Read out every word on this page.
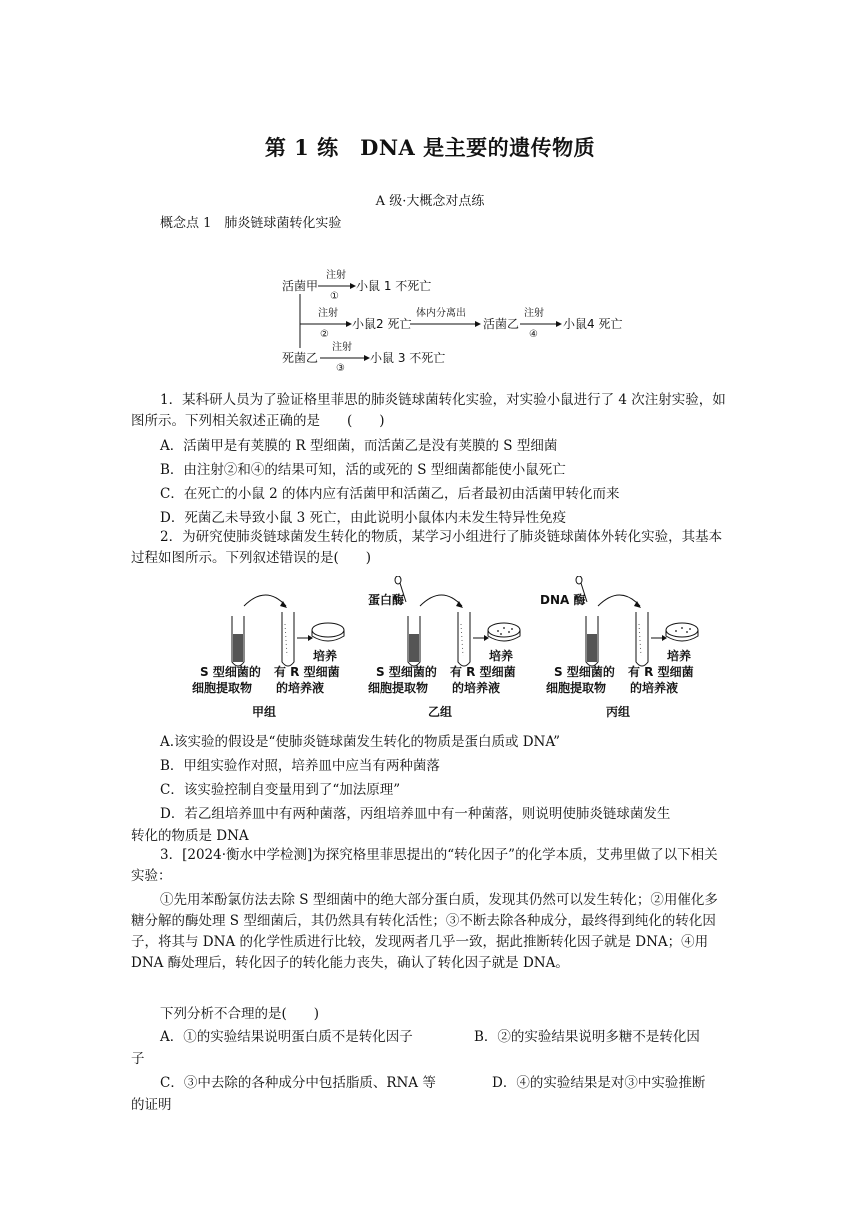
第 1 练　DNA 是主要的遗传物质
A 级·大概念对点练
概念点 1　肺炎链球菌转化实验
活菌甲
注射
①
小鼠 1 不死亡
注射
②
小鼠2 死亡
体内分离出
活菌乙
注射
④
小鼠4 死亡
死菌乙
注射
③
小鼠 3 不死亡
1．某科研人员为了验证格里菲思的肺炎链球菌转化实验，对实验小鼠进行了 4 次注射实验，如图所示。下列相关叙述正确的是　　(　　)
A．活菌甲是有荚膜的 R 型细菌，而活菌乙是没有荚膜的 S 型细菌
B．由注射②和④的结果可知，活的或死的 S 型细菌都能使小鼠死亡
C．在死亡的小鼠 2 的体内应有活菌甲和活菌乙，后者最初由活菌甲转化而来
D．死菌乙未导致小鼠 3 死亡，由此说明小鼠体内未发生特异性免疫
2．为研究使肺炎链球菌发生转化的物质，某学习小组进行了肺炎链球菌体外转化实验，其基本过程如图所示。下列叙述错误的是(　　)
培养
S 型细菌的
细胞提取物
有 R 型细菌
的培养液
甲组
蛋白酶
培养
S 型细菌的
细胞提取物
有 R 型细菌
的培养液
乙组
DNA 酶
培养
S 型细菌的
细胞提取物
有 R 型细菌
的培养液
丙组
A.该实验的假设是“使肺炎链球菌发生转化的物质是蛋白质或 DNA”
B．甲组实验作对照，培养皿中应当有两种菌落
C．该实验控制自变量用到了“加法原理”
D．若乙组培养皿中有两种菌落，丙组培养皿中有一种菌落，则说明使肺炎链球菌发生
转化的物质是 DNA
3．[2024·衡水中学检测]为探究格里菲思提出的“转化因子”的化学本质，艾弗里做了以下相关实验：
①先用苯酚氯仿法去除 S 型细菌中的绝大部分蛋白质，发现其仍然可以发生转化；②用催化多糖分解的酶处理 S 型细菌后，其仍然具有转化活性；③不断去除各种成分，最终得到纯化的转化因子，将其与 DNA 的化学性质进行比较，发现两者几乎一致，据此推断转化因子就是 DNA；④用 DNA 酶处理后，转化因子的转化能力丧失，确认了转化因子就是 DNA。
下列分析不合理的是(　　)
A．①的实验结果说明蛋白质不是转化因子	B．②的实验结果说明多糖不是转化因
子
C．③中去除的各种成分中包括脂质、RNA 等	D．④的实验结果是对③中实验推断
的证明
